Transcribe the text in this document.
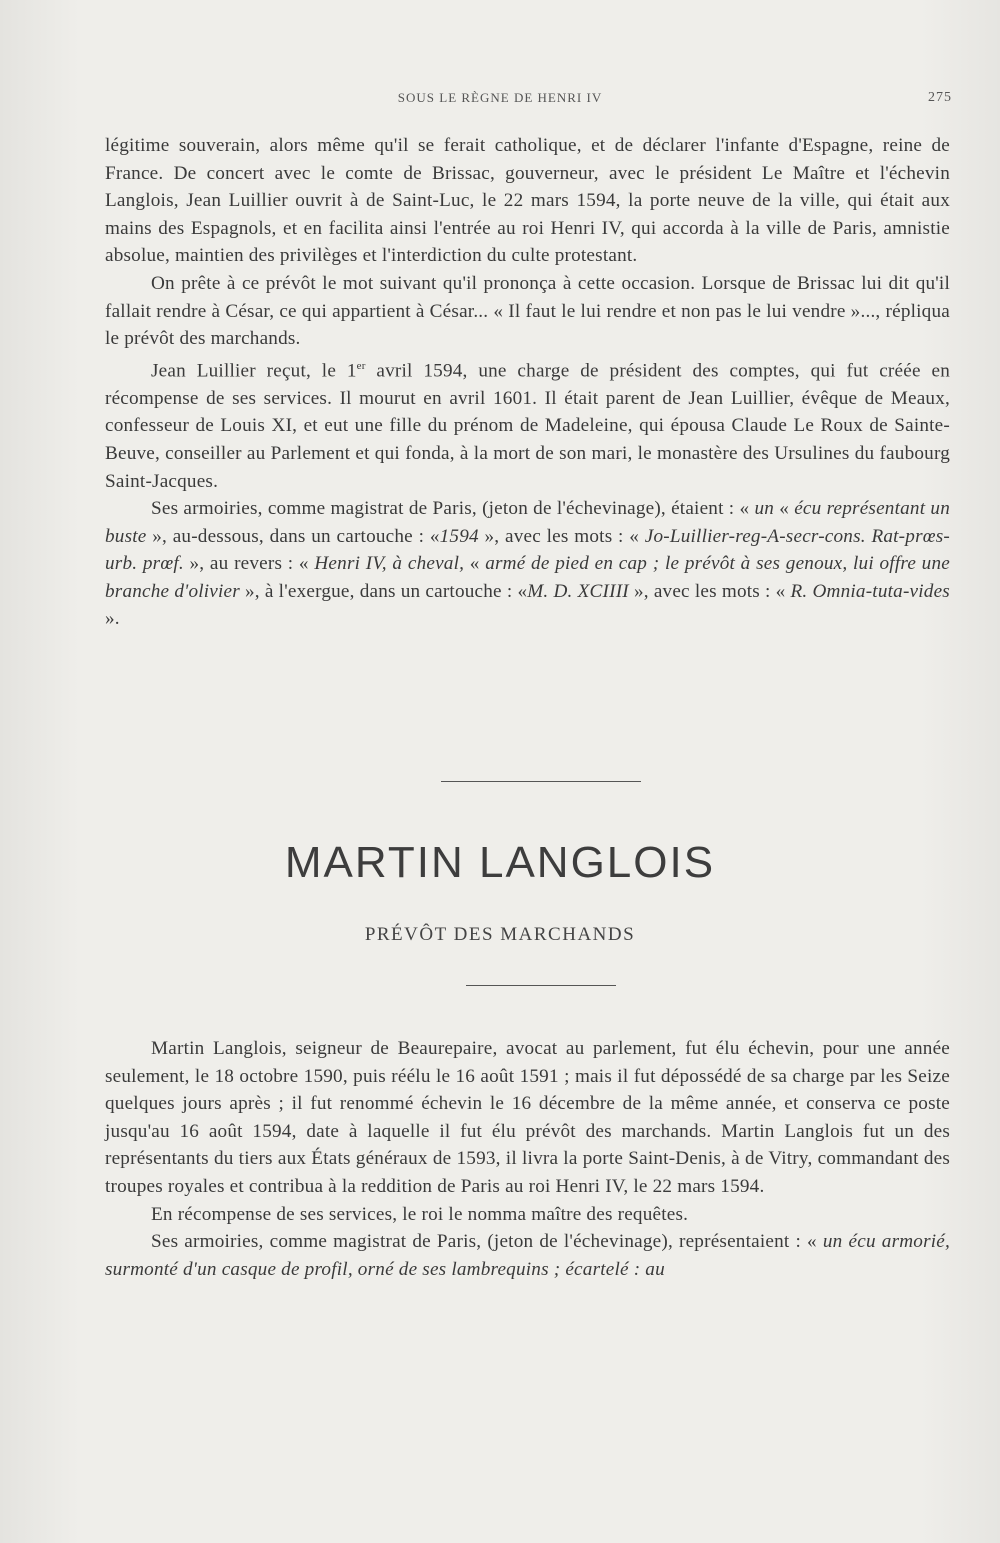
SOUS LE RÈGNE DE HENRI IV	275

légitime souverain, alors même qu'il se ferait catholique, et de déclarer l'infante d'Espagne, reine de France. De concert avec le comte de Brissac, gouverneur, avec le président Le Maître et l'échevin Langlois, Jean Luillier ouvrit à de Saint-Luc, le 22 mars 1594, la porte neuve de la ville, qui était aux mains des Espagnols, et en facilita ainsi l'entrée au roi Henri IV, qui accorda à la ville de Paris, amnistie absolue, maintien des privilèges et l'interdiction du culte protestant.

On prête à ce prévôt le mot suivant qu'il prononça à cette occasion. Lorsque de Brissac lui dit qu'il fallait rendre à César, ce qui appartient à César... « Il faut le lui rendre et non pas le lui vendre »..., répliqua le prévôt des marchands.

Jean Luillier reçut, le 1er avril 1594, une charge de président des comptes, qui fut créée en récompense de ses services. Il mourut en avril 1601. Il était parent de Jean Luillier, évêque de Meaux, confesseur de Louis XI, et eut une fille du prénom de Madeleine, qui épousa Claude Le Roux de Sainte-Beuve, conseiller au Parlement et qui fonda, à la mort de son mari, le monastère des Ursulines du faubourg Saint-Jacques.

Ses armoiries, comme magistrat de Paris, (jeton de l'échevinage), étaient : « un « écu représentant un buste », au-dessous, dans un cartouche : «1594 », avec les mots : « Jo-Luillier-reg-A-secr-cons. Rat-prœs-urb. prœf. », au revers : « Henri IV, à cheval, « armé de pied en cap ; le prévôt à ses genoux, lui offre une branche d'olivier », à l'exergue, dans un cartouche : «M. D. XCIIII », avec les mots : « R. Omnia-tuta-vides ».

MARTIN LANGLOIS
PRÉVÔT DES MARCHANDS

Martin Langlois, seigneur de Beaurepaire, avocat au parlement, fut élu échevin, pour une année seulement, le 18 octobre 1590, puis réélu le 16 août 1591 ; mais il fut dépossédé de sa charge par les Seize quelques jours après ; il fut renommé échevin le 16 décembre de la même année, et conserva ce poste jusqu'au 16 août 1594, date à laquelle il fut élu prévôt des marchands. Martin Langlois fut un des représentants du tiers aux États généraux de 1593, il livra la porte Saint-Denis, à de Vitry, commandant des troupes royales et contribua à la reddition de Paris au roi Henri IV, le 22 mars 1594.

En récompense de ses services, le roi le nomma maître des requêtes.

Ses armoiries, comme magistrat de Paris, (jeton de l'échevinage), représentaient : « un écu armorié, surmonté d'un casque de profil, orné de ses lambrequins ; écartelé : au
